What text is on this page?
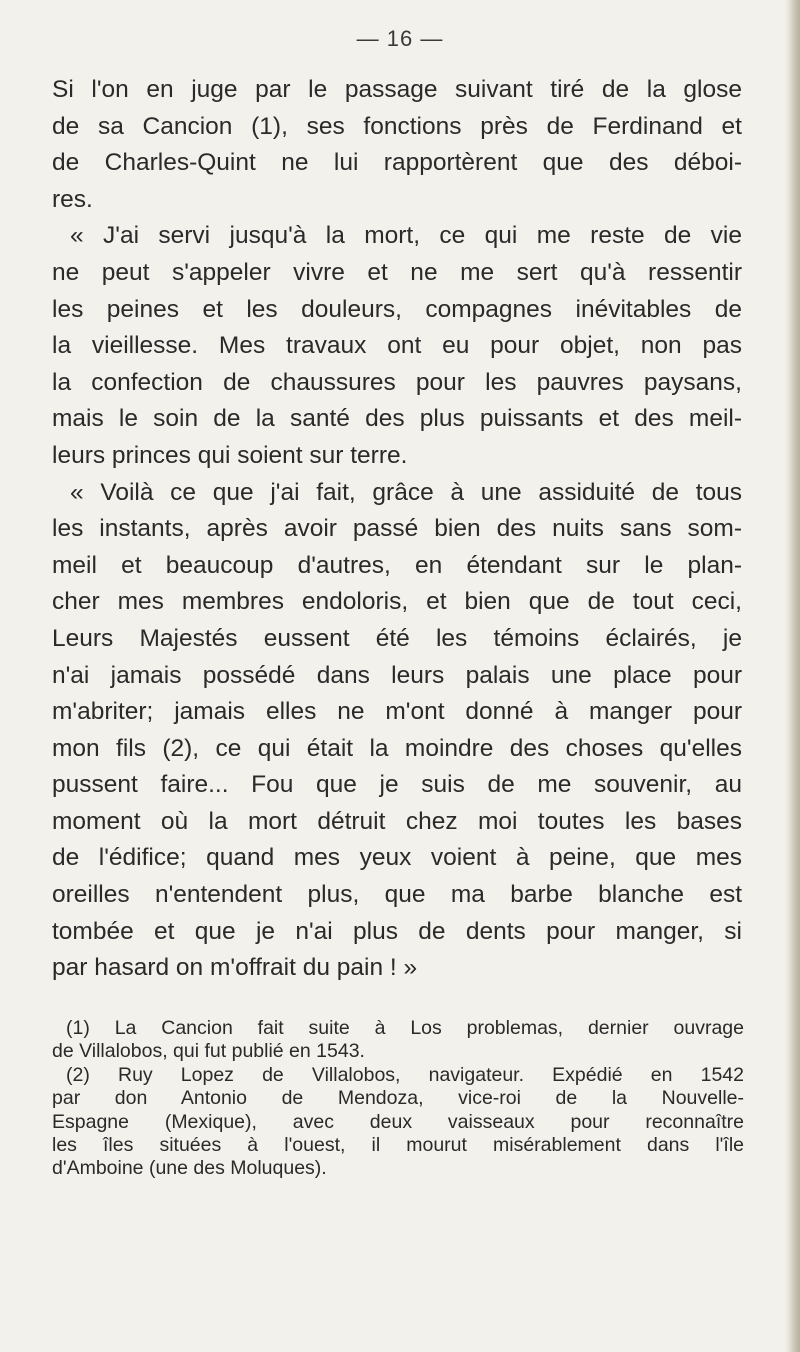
— 16 —
Si l'on en juge par le passage suivant tiré de la glose
de sa Cancion (1), ses fonctions près de Ferdinand et
de Charles-Quint ne lui rapportèrent que des déboi-
res.
« J'ai servi jusqu'à la mort, ce qui me reste de vie
ne peut s'appeler vivre et ne me sert qu'à ressentir
les peines et les douleurs, compagnes inévitables de
la vieillesse. Mes travaux ont eu pour objet, non pas
la confection de chaussures pour les pauvres paysans,
mais le soin de la santé des plus puissants et des meil-
leurs princes qui soient sur terre.
« Voilà ce que j'ai fait, grâce à une assiduité de tous
les instants, après avoir passé bien des nuits sans som-
meil et beaucoup d'autres, en étendant sur le plan-
cher mes membres endoloris, et bien que de tout ceci,
Leurs Majestés eussent été les témoins éclairés, je
n'ai jamais possédé dans leurs palais une place pour
m'abriter; jamais elles ne m'ont donné à manger pour
mon fils (2), ce qui était la moindre des choses qu'elles
pussent faire... Fou que je suis de me souvenir, au
moment où la mort détruit chez moi toutes les bases
de l'édifice; quand mes yeux voient à peine, que mes
oreilles n'entendent plus, que ma barbe blanche est
tombée et que je n'ai plus de dents pour manger, si
par hasard on m'offrait du pain ! »
(1) La Cancion fait suite à Los problemas, dernier ouvrage
de Villalobos, qui fut publié en 1543.
(2) Ruy Lopez de Villalobos, navigateur. Expédié en 1542
par don Antonio de Mendoza, vice-roi de la Nouvelle-
Espagne (Mexique), avec deux vaisseaux pour reconnaître
les îles situées à l'ouest, il mourut misérablement dans l'île
d'Amboine (une des Moluques).
